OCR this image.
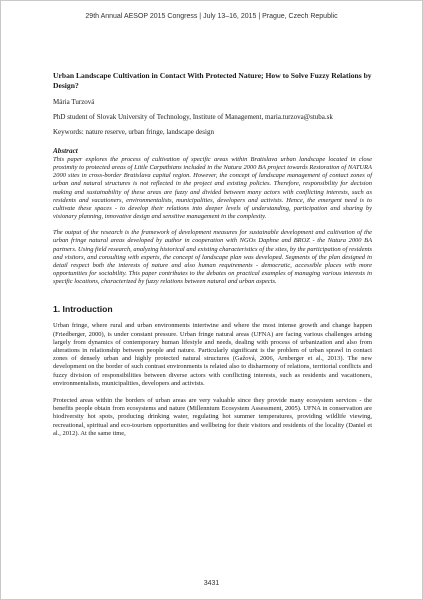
29th Annual AESOP 2015 Congress | July 13–16, 2015 | Prague, Czech Republic
Urban Landscape Cultivation in Contact With Protected Nature; How to Solve Fuzzy Relations by Design?
Mária Turzová
PhD student of Slovak University of Technology, Institute of Management, maria.turzova@stuba.sk
Keywords: nature reserve, urban fringe, landscape design
Abstract

This paper explores the process of cultivation of specific areas within Bratislava urban landscape located in close proximity to protected areas of Little Carpathians included in the Natura 2000 BA project towards Restoration of NATURA 2000 sites in cross-border Bratislava capital region. However, the concept of landscape management of contact zones of urban and natural structures is not reflected in the project and existing policies. Therefore, responsibility for decision making and sustainability of these areas are fuzzy and divided between many actors with conflicting interests, such as residents and vacationers, environmentalists, municipalities, developers and activists. Hence, the emergent need is to cultivate these spaces - to develop their relations into deeper levels of understanding, participation and sharing by visionary planning, innovative design and sensitive management in the complexity.

The output of the research is the framework of development measures for sustainable development and cultivation of the urban fringe natural areas developed by author in cooperation with NGOs Daphne and BROZ - the Natura 2000 BA partners. Using field research, analyzing historical and existing characteristics of the sites, by the participation of residents and visitors, and consulting with experts, the concept of landscape plan was developed. Segments of the plan designed in detail respect both the interests of nature and also human requirements - democratic, accessible places with more opportunities for sociability. This paper contributes to the debates on practical examples of managing various interests in specific locations, characterized by fuzzy relations between natural and urban aspects.

1. Introduction

Urban fringe, where rural and urban environments intertwine and where the most intense growth and change happen (Friedberger, 2000), is under constant pressure. Urban fringe natural areas (UFNA) are facing various challenges arising largely from dynamics of contemporary human lifestyle and needs, dealing with process of urbanization and also from alterations in relationship between people and nature. Particularly significant is the problem of urban sprawl in contact zones of densely urban and highly protected natural structures (Gažová, 2006, Arnberger et al., 2013). The new development on the border of such contrast environments is related also to disharmony of relations, territorial conflicts and fuzzy division of responsibilities between diverse actors with conflicting interests, such as residents and vacationers, environmentalists, municipalities, developers and activists.

Protected areas within the borders of urban areas are very valuable since they provide many ecosystem services - the benefits people obtain from ecosystems and nature (Millennium Ecosystem Assessment, 2005). UFNA in conservation are biodiversity hot spots, producing drinking water, regulating hot summer temperatures, providing wildlife viewing, recreational, spiritual and eco-tourism opportunities and wellbeing for their visitors and residents of the locality (Daniel et al., 2012). At the same time,

3431
